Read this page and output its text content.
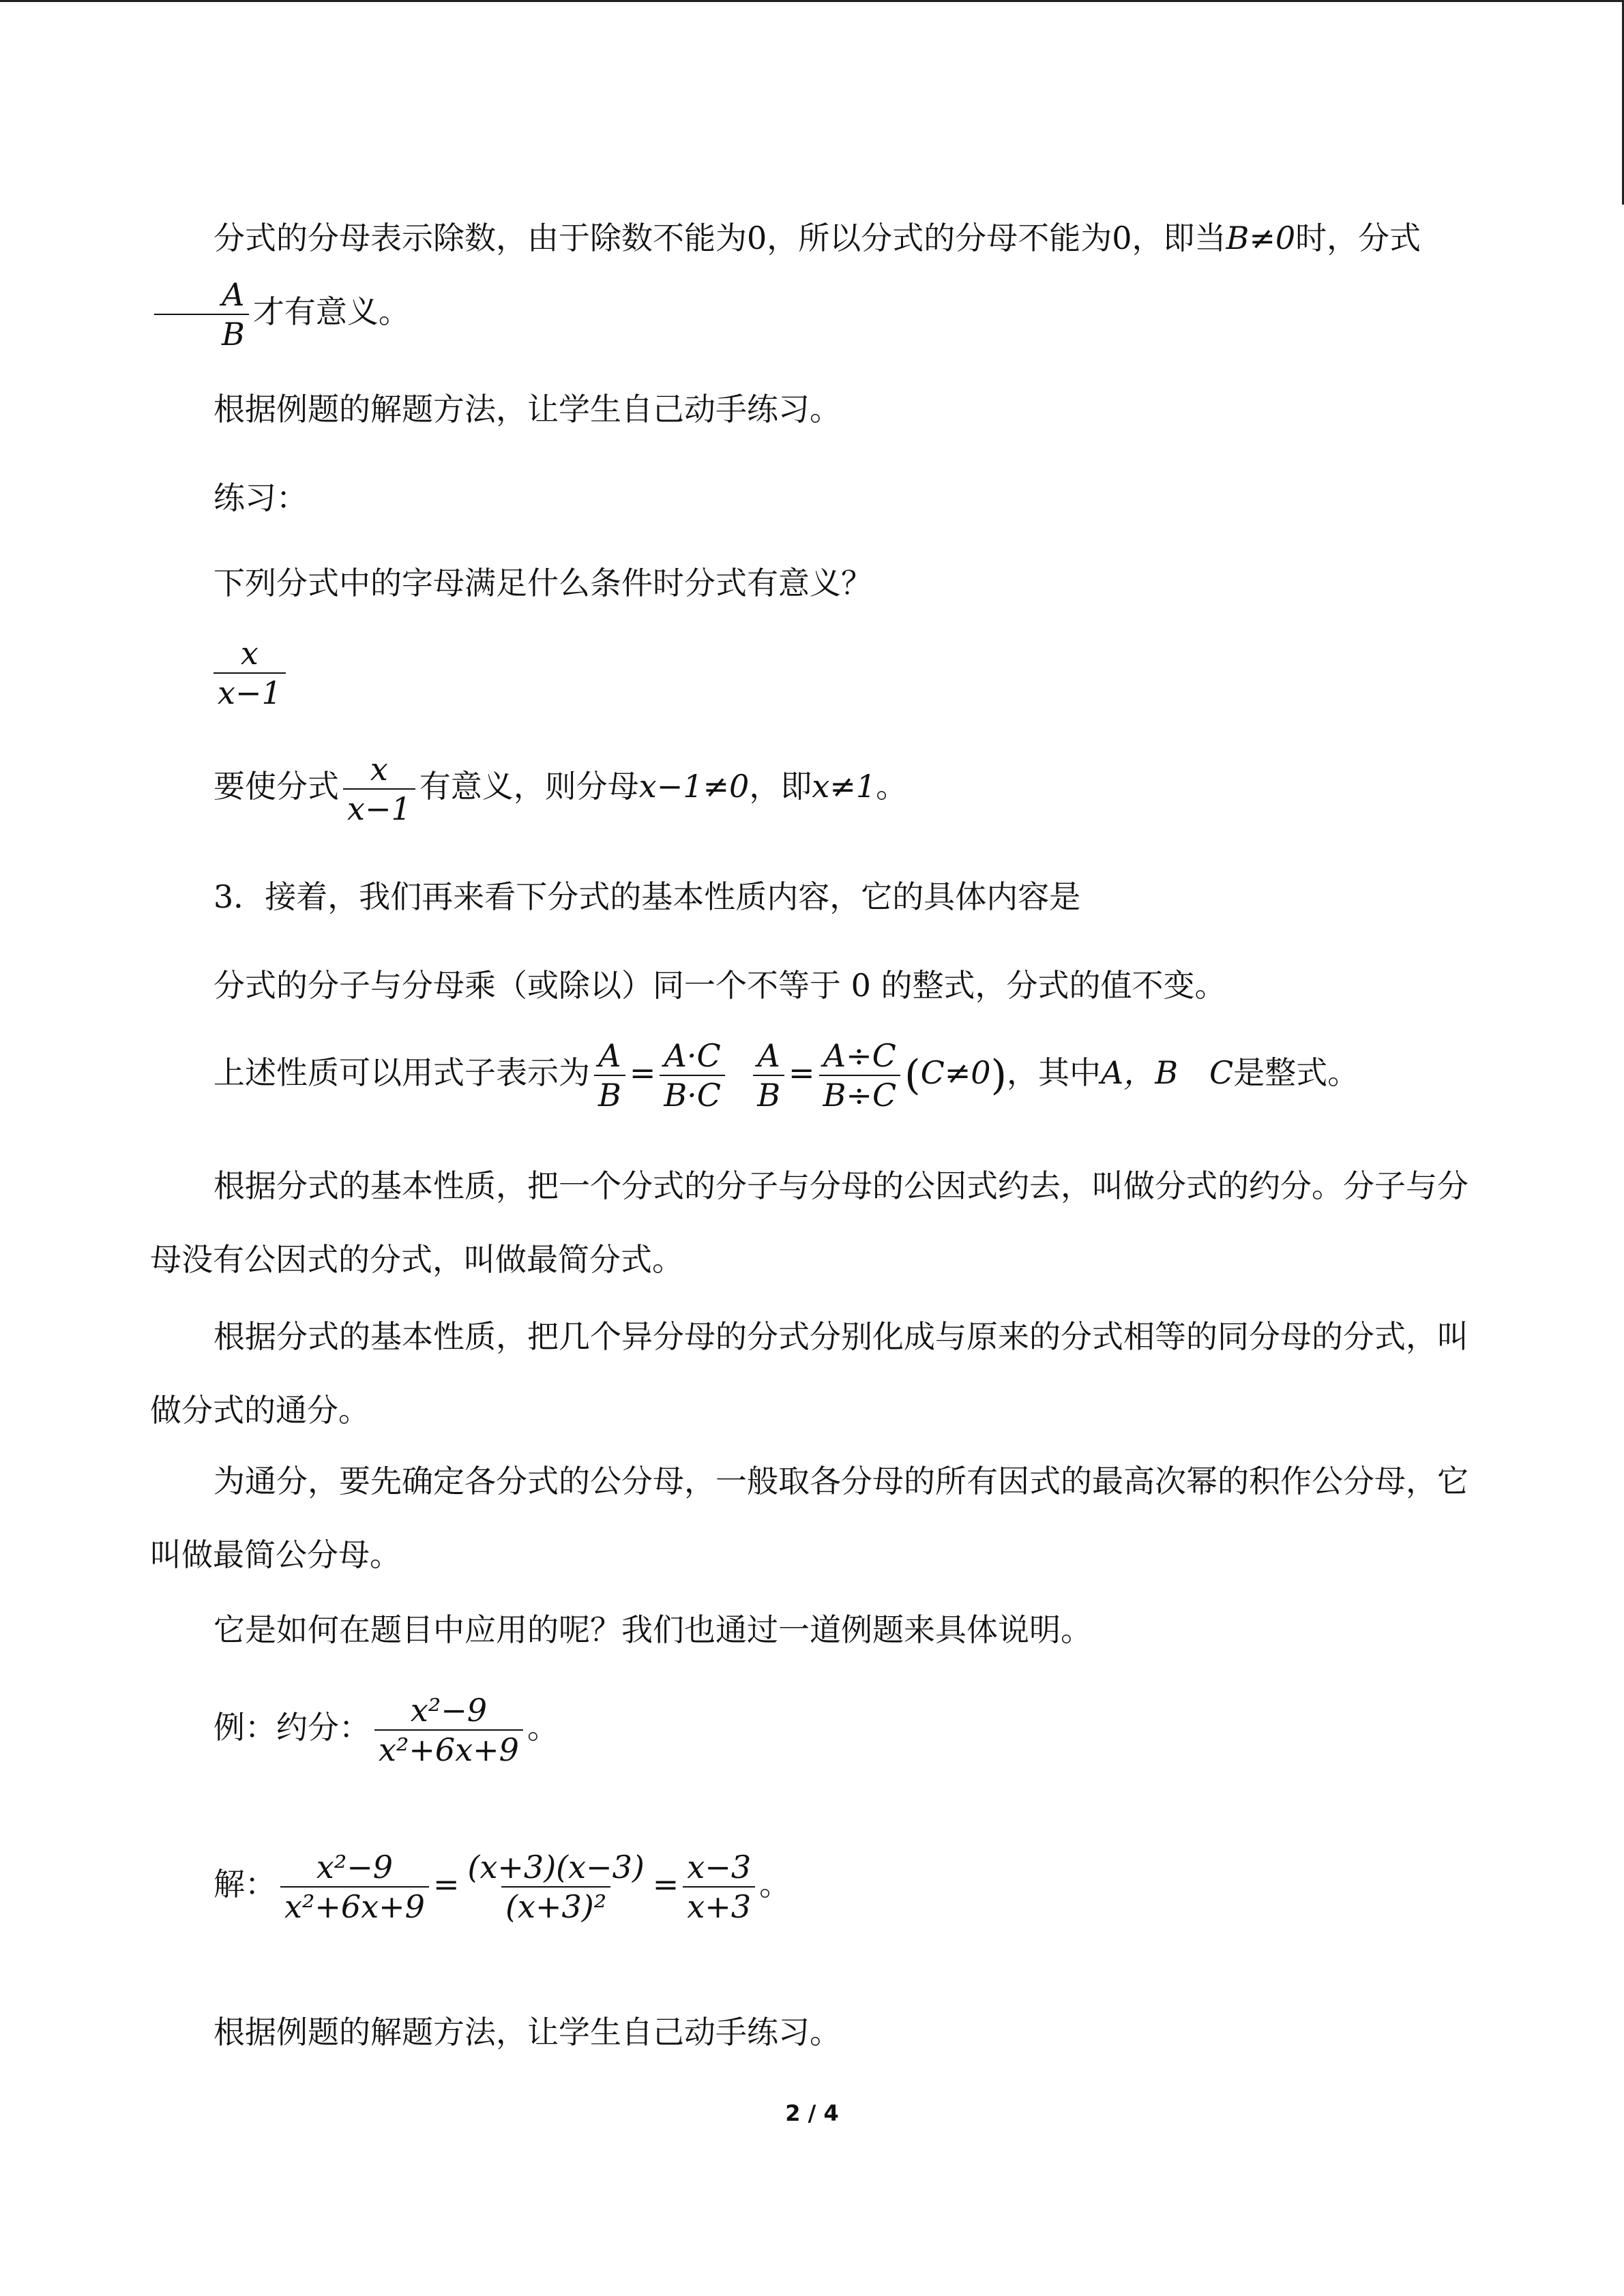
分式的分母表示除数，由于除数不能为0，所以分式的分母不能为0，即当B≠0时，分式
$\frac{A}{B}$ 才有意义。
根据例题的解题方法，让学生自己动手练习。
练习：
下列分式中的字母满足什么条件时分式有意义？
$\frac{x}{x-1}$
要使分式 $\frac{x}{x-1}$ 有意义，则分母x−1≠0，即x≠1。
3．接着，我们再来看下分式的基本性质内容，它的具体内容是
分式的分子与分母乘（或除以）同一个不等于 0 的整式，分式的值不变。
上述性质可以用式子表示为 $\frac{A}{B} = \frac{A\cdot C}{B\cdot C}$
$\frac{A}{B} = \frac{A\div C}{B\div C} (C\ne 0)$，其中A，B　C是整式。
根据分式的基本性质，把一个分式的分子与分母的公因式约去，叫做分式的约分。分子与分母没有公因式的分式，叫做最简分式。
根据分式的基本性质，把几个异分母的分式分别化成与原来的分式相等的同分母的分式，叫做分式的通分。
为通分，要先确定各分式的公分母，一般取各分母的所有因式的最高次幂的积作公分母，它叫做最简公分母。
它是如何在题目中应用的呢？我们也通过一道例题来具体说明。
例：约分： $\frac{\text{x²−9}}{\text{x²+6x+9}}$ 。
解： $\frac{\text{x²−9}}{\text{x²+6x+9}} = \frac{(x+3)(x-3)}{\text{(x+3)²}} = \frac{x-3}{x+3}$ 。
根据例题的解题方法，让学生自己动手练习。
2 / 4
